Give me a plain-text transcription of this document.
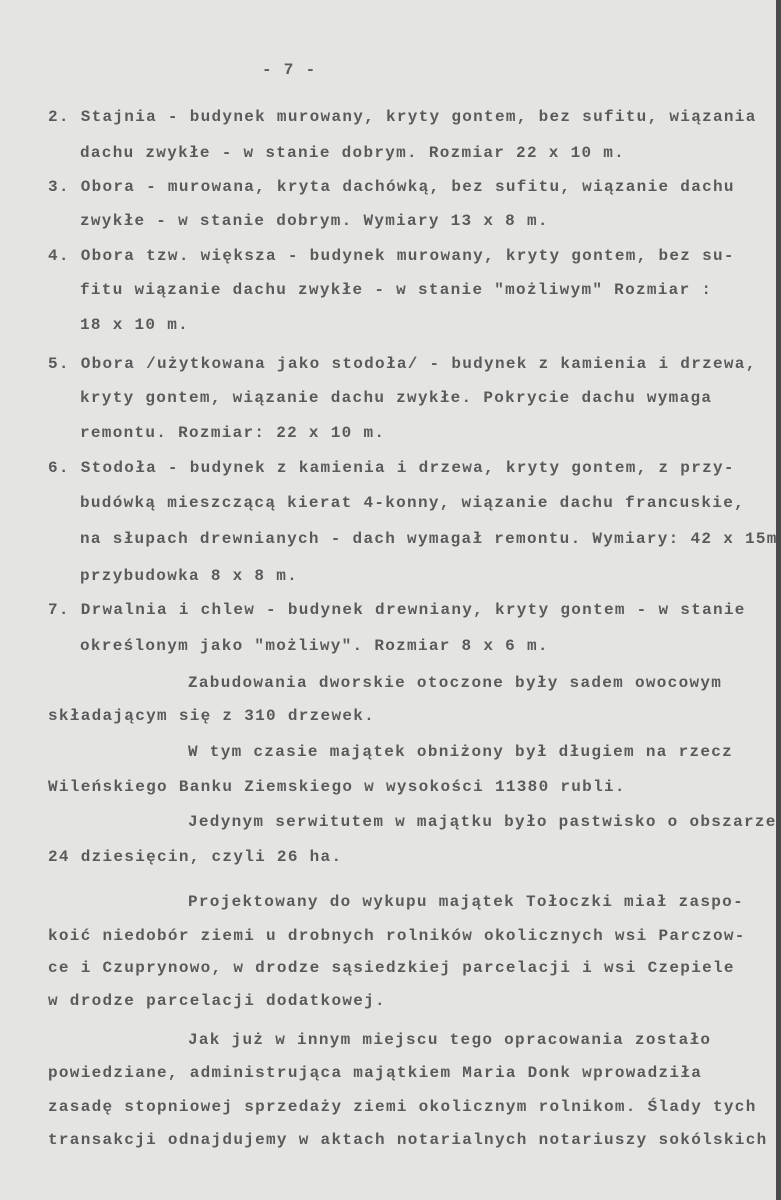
- 7 -
2. Stajnia - budynek murowany, kryty gontem, bez sufitu, wiązania
dachu zwykłe - w stanie dobrym. Rozmiar 22 x 10 m.
3. Obora - murowana, kryta dachówką, bez sufitu, wiązanie dachu
zwykłe - w stanie dobrym. Wymiary 13 x 8 m.
4. Obora tzw. większa - budynek murowany, kryty gontem, bez su-
fitu wiązanie dachu zwykłe - w stanie "możliwym" Rozmiar :
18 x 10 m.
5. Obora /użytkowana jako stodoła/ - budynek z kamienia i drzewa,
kryty gontem, wiązanie dachu zwykłe. Pokrycie dachu wymaga
remontu. Rozmiar: 22 x 10 m.
6. Stodoła - budynek z kamienia i drzewa, kryty gontem, z przy-
budówką mieszczącą kierat 4-konny, wiązanie dachu francuskie,
na słupach drewnianych - dach wymagał remontu. Wymiary: 42 x 15m
przybudowka 8 x 8 m.
7. Drwalnia i chlew - budynek drewniany, kryty gontem - w stanie
określonym jako "możliwy". Rozmiar 8 x 6 m.
Zabudowania dworskie otoczone były sadem owocowym
składającym się z 310 drzewek.
W tym czasie majątek obniżony był długiem na rzecz
Wileńskiego Banku Ziemskiego w wysokości 11380 rubli.
Jedynym serwitutem w majątku było pastwisko o obszarze
24 dziesięcin, czyli 26 ha.
Projektowany do wykupu majątek Tołoczki miał zaspo-
koić niedobór ziemi u drobnych rolników okolicznych wsi Parczow-
ce i Czuprynowo, w drodze sąsiedzkiej parcelacji i wsi Czepiele
w drodze parcelacji dodatkowej.
Jak już w innym miejscu tego opracowania zostało
powiedziane, administrująca majątkiem Maria Donk wprowadziła
zasadę stopniowej sprzedaży ziemi okolicznym rolnikom. Ślady tych
transakcji odnajdujemy w aktach notarialnych notariuszy sokólskich
